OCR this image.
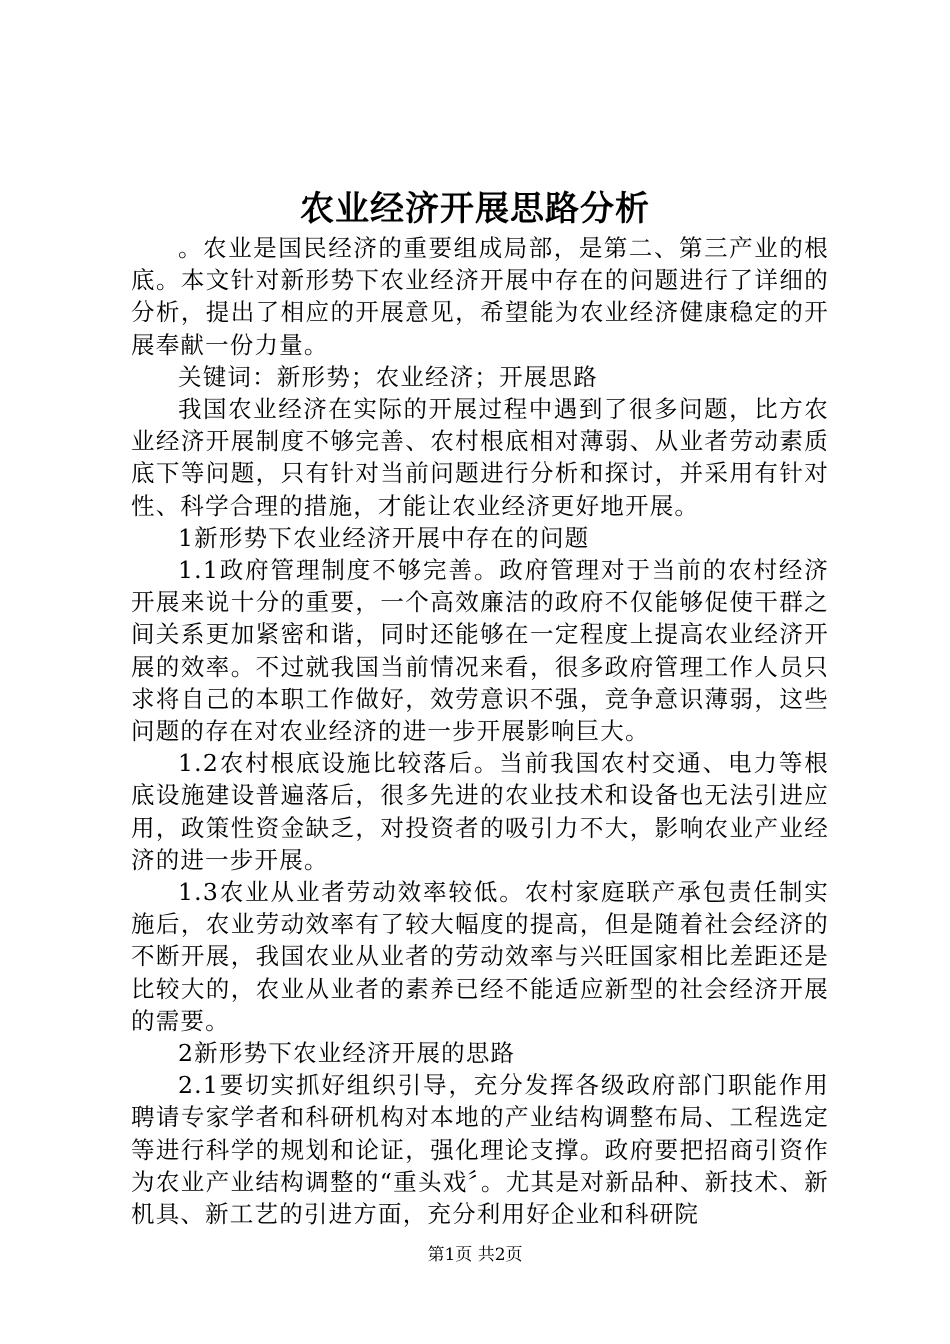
农业经济开展思路分析

。农业是国民经济的重要组成局部，是第二、第三产业的根底。本文针对新形势下农业经济开展中存在的问题进行了详细的分析，提出了相应的开展意见，希望能为农业经济健康稳定的开展奉献一份力量。

关键词：新形势；农业经济；开展思路

我国农业经济在实际的开展过程中遇到了很多问题，比方农业经济开展制度不够完善、农村根底相对薄弱、从业者劳动素质底下等问题，只有针对当前问题进行分析和探讨，并采用有针对性、科学合理的措施，才能让农业经济更好地开展。

1新形势下农业经济开展中存在的问题

1.1政府管理制度不够完善。政府管理对于当前的农村经济开展来说十分的重要，一个高效廉洁的政府不仅能够促使干群之间关系更加紧密和谐，同时还能够在一定程度上提高农业经济开展的效率。不过就我国当前情况来看，很多政府管理工作人员只求将自己的本职工作做好，效劳意识不强，竞争意识薄弱，这些问题的存在对农业经济的进一步开展影响巨大。

1.2农村根底设施比较落后。当前我国农村交通、电力等根底设施建设普遍落后，很多先进的农业技术和设备也无法引进应用，政策性资金缺乏，对投资者的吸引力不大，影响农业产业经济的进一步开展。

1.3农业从业者劳动效率较低。农村家庭联产承包责任制实施后，农业劳动效率有了较大幅度的提高，但是随着社会经济的不断开展，我国农业从业者的劳动效率与兴旺国家相比差距还是比较大的，农业从业者的素养已经不能适应新型的社会经济开展的需要。

2新形势下农业经济开展的思路

2.1要切实抓好组织引导，充分发挥各级政府部门职能作用聘请专家学者和科研机构对本地的产业结构调整布局、工程选定等进行科学的规划和论证，强化理论支撑。政府要把招商引资作为农业产业结构调整的“重头戏〞。尤其是对新品种、新技术、新机具、新工艺的引进方面，充分利用好企业和科研院

第1页 共2页
